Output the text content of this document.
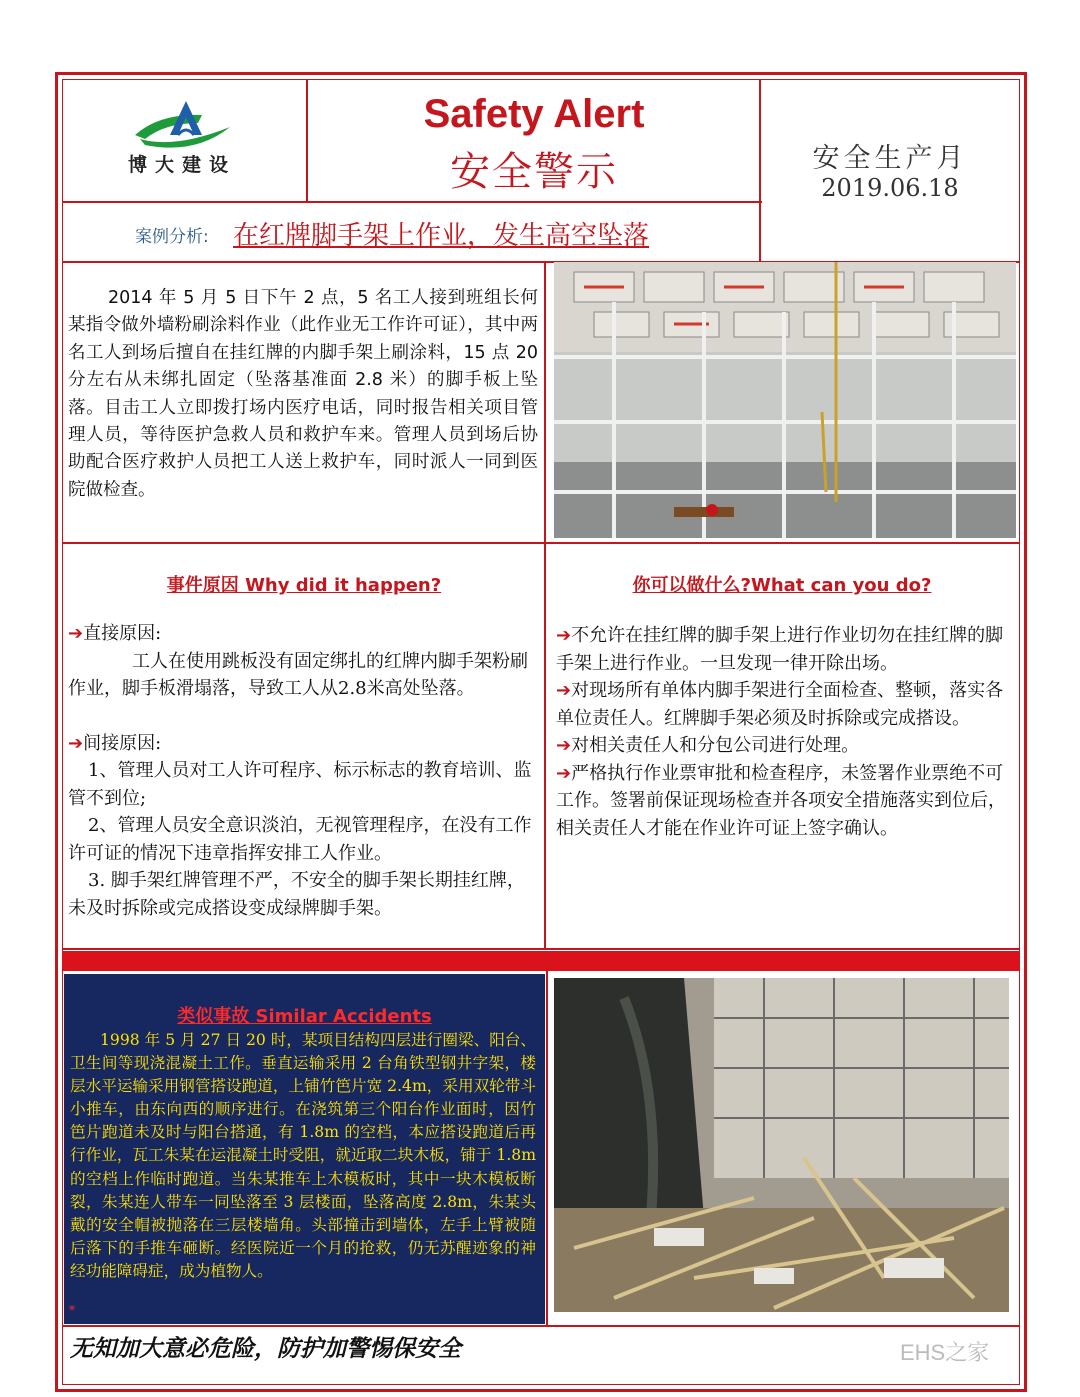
博大建设
Safety Alert
安全警示	安全生产月
2019.06.18
案例分析: 在红牌脚手架上作业，发生高空坠落
2014 年 5 月 5 日下午 2 点，5 名工人接到班组长何某指令做外墙粉刷涂料作业（此作业无工作许可证），其中两名工人到场后擅自在挂红牌的内脚手架上刷涂料，15 点 20 分左右从未绑扎固定（坠落基准面 2.8 米）的脚手板上坠落。目击工人立即拨打场内医疗电话，同时报告相关项目管理人员，等待医护急救人员和救护车来。管理人员到场后协助配合医疗救护人员把工人送上救护车，同时派人一同到医院做检查。
事件原因 Why did it happen?

➔直接原因:

工人在使用跳板没有固定绑扎的红牌内脚手架粉刷作业，脚手板滑塌落，导致工人从2.8米高处坠落。

➔间接原因:

1、管理人员对工人许可程序、标示标志的教育培训、监管不到位;

2、管理人员安全意识淡泊，无视管理程序，在没有工作许可证的情况下违章指挥安排工人作业。

3. 脚手架红牌管理不严，不安全的脚手架长期挂红牌，未及时拆除或完成搭设变成绿牌脚手架。

你可以做什么?What can you do?

➔不允许在挂红牌的脚手架上进行作业切勿在挂红牌的脚手架上进行作业。一旦发现一律开除出场。

➔对现场所有单体内脚手架进行全面检查、整顿，落实各单位责任人。红牌脚手架必须及时拆除或完成搭设。

➔对相关责任人和分包公司进行处理。

➔严格执行作业票审批和检查程序，未签署作业票绝不可工作。签署前保证现场检查并各项安全措施落实到位后，相关责任人才能在作业许可证上签字确认。

类似事故 Similar Accidents
1998 年 5 月 27 日 20 时，某项目结构四层进行圈梁、阳台、卫生间等现浇混凝土工作。垂直运输采用 2 台角铁型钢井字架，楼层水平运输采用钢管搭设跑道，上铺竹笆片宽 2.4m，采用双轮带斗小推车，由东向西的顺序进行。在浇筑第三个阳台作业面时，因竹笆片跑道未及时与阳台搭通，有 1.8m 的空档，本应搭设跑道后再行作业，瓦工朱某在运混凝土时受阻，就近取二块木板，铺于 1.8m 的空档上作临时跑道。当朱某推车上木模板时，其中一块木模板断裂，朱某连人带车一同坠落至 3 层楼面，坠落高度 2.8m，朱某头戴的安全帽被抛落在三层楼墙角。头部撞击到墙体，左手上臂被随后落下的手推车砸断。经医院近一个月的抢救，仍无苏醒迹象的神经功能障碍症，成为植物人。
*
无知加大意必危险，防护加警惕保安全	EHS之家
